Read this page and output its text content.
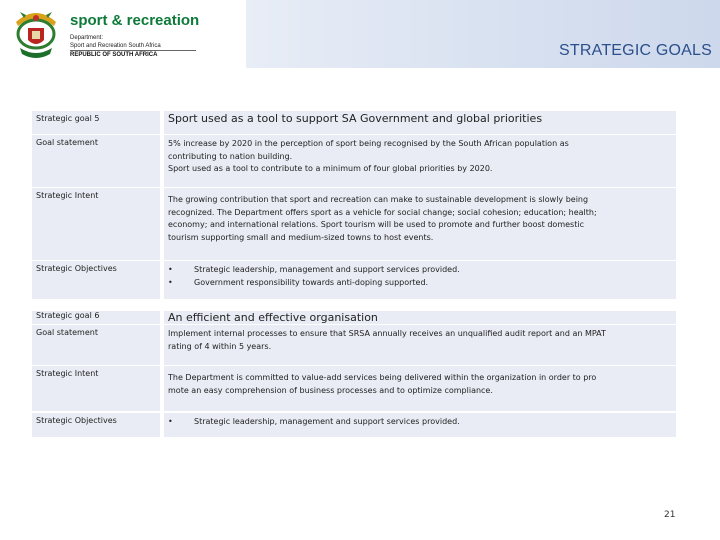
sport & recreation
Department:
Sport and Recreation South Africa
REPUBLIC OF SOUTH AFRICA	STRATEGIC GOALS
Strategic goal 5	Sport used as a tool to support SA Government and global priorities
Goal statement	5% increase by 2020 in the perception of sport being recognised by the South African population as

contributing to nation building.

Sport used as a tool to contribute to a minimum of four global priorities by 2020.

Strategic Intent	The growing contribution that sport and recreation can make to sustainable development is slowly being

recognized. The Department offers sport as a vehicle for social change; social cohesion; education; health;

economy; and international relations. Sport tourism will be used to promote and further boost domestic

tourism supporting small and medium-sized towns to host events.

Strategic Objectives	•	Strategic leadership, management and support services provided.
•	Government responsibility towards anti-doping supported.
Strategic goal 6	An efficient and effective organisation
Goal statement	Implement internal processes to ensure that SRSA annually receives an unqualified audit report and an MPAT

rating of 4 within 5 years.

Strategic Intent	The Department is committed to value-add services being delivered within the organization in order to pro

mote an easy comprehension of business processes and to optimize compliance.

Strategic Objectives	•	Strategic leadership, management and support services provided.
21
